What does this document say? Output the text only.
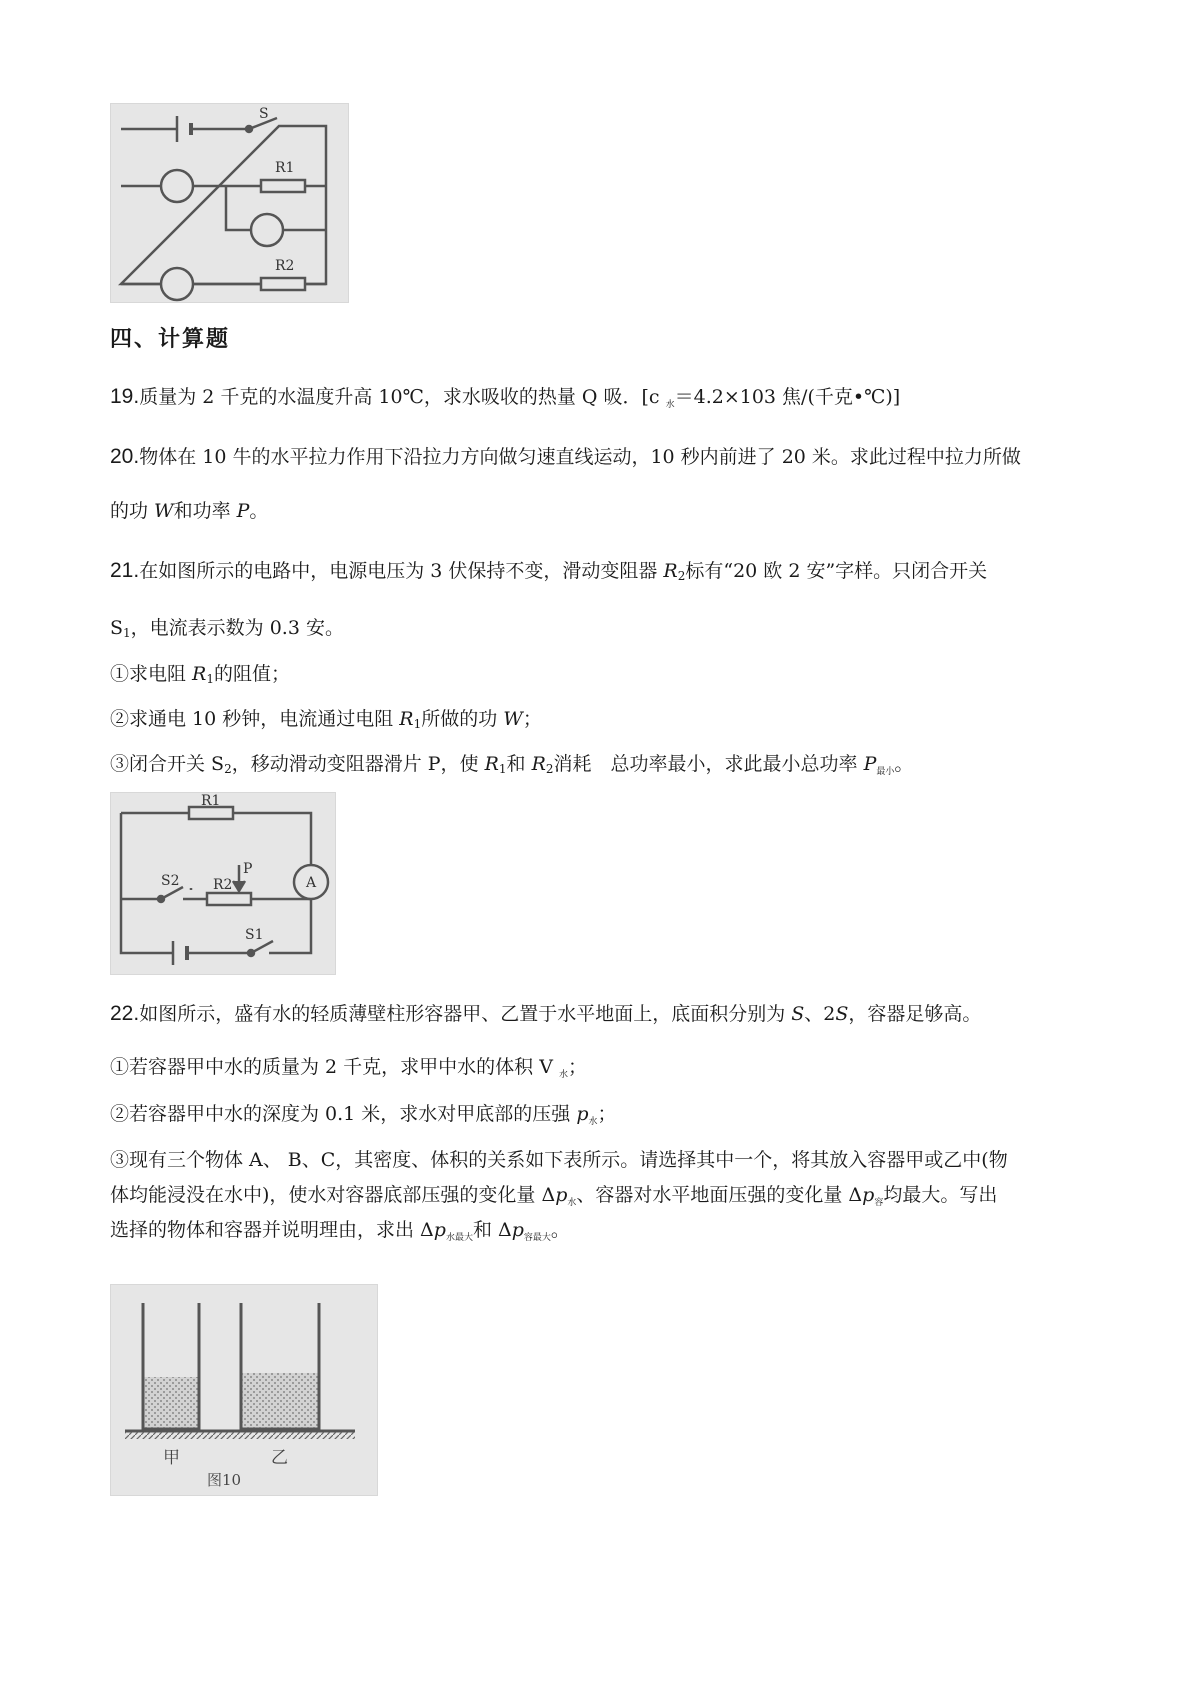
S
R1
R2
四、计算题
19.质量为 2 千克的水温度升高 10℃，求水吸收的热量 Q 吸．[c $_水$＝4.2×103 焦/(千克•℃)]
20.物体在 10 牛的水平拉力作用下沿拉力方向做匀速直线运动，10 秒内前进了 20 米。求此过程中拉力所做
的功 W和功率 P。
21.在如图所示的电路中，电源电压为 3 伏保持不变，滑动变阻器 $R_2$标有“20 欧 2 安”字样。只闭合开关
$S_1$，电流表示数为 0.3 安。
①求电阻 $R_1$的阻值；
②求通电 10 秒钟，电流通过电阻 $R_1$所做的功 W；
③闭合开关 $S_2$，移动滑动变阻器滑片 P，使 $R_1$和 $R_2$消耗　总功率最小，求此最小总功率 $P_{最小}$。
R1
R2
P
S2
S1
A
22.如图所示，盛有水的轻质薄壁柱形容器甲、乙置于水平地面上，底面积分别为 S、2S，容器足够高。
①若容器甲中水的质量为 2 千克，求甲中水的体积 V $_水$；
②若容器甲中水的深度为 0.1 米，求水对甲底部的压强 $p_水$；
③现有三个物体 A、 B、C，其密度、体积的关系如下表所示。请选择其中一个，将其放入容器甲或乙中(物
体均能浸没在水中)，使水对容器底部压强的变化量 $\Delta p_水$、容器对水平地面压强的变化量 $\Delta p_容$均最大。写出
选择的物体和容器并说明理由，求出 $\Delta p_{水最大}$和 $\Delta p_{容最大}$。
甲	乙
图10
